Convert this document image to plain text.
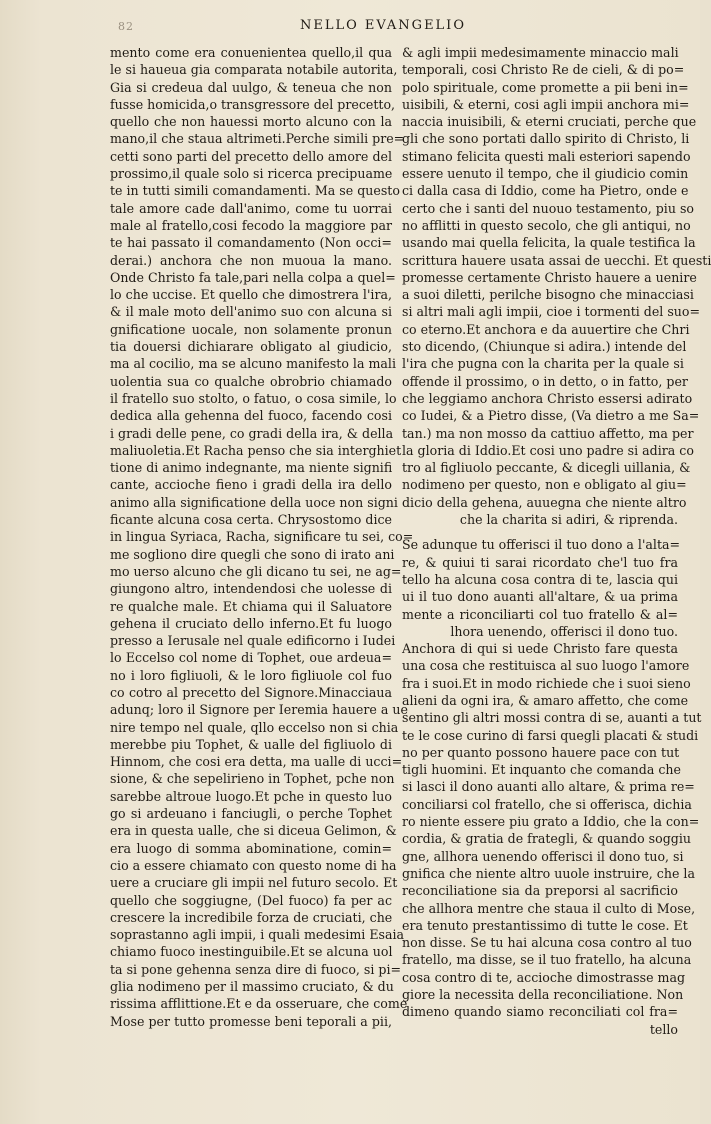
82	NELLO EVANGELIO
mento come era conuenientea quello,il qua
le si haueua gia comparata notabile autorita,
Gia si credeua dal uulgo, & teneua che non
fusse homicida,o transgressore del precetto,
quello che non hauessi morto alcuno con la
mano,il che staua altrimeti.Perche simili pre=
cetti sono parti del precetto dello amore del
prossimo,il quale solo si ricerca precipuame
te in tutti simili comandamenti. Ma se questo
tale amore cade dall'animo, come tu uorrai
male al fratello,cosi fecodo la maggiore par
te hai passato il comandamento (Non occi=
derai.) anchora che non muoua la mano.
Onde Christo fa tale,pari nella colpa a quel=
lo che uccise. Et quello che dimostrera l'ira,
& il male moto dell'animo suo con alcuna si
gnificatione uocale, non solamente pronun
tia douersi dichiarare obligato al giudicio,
ma al cocilio, ma se alcuno manifesto la mali
uolentia sua co qualche obrobrio chiamado
il fratello suo stolto, o fatuo, o cosa simile, lo
dedica alla gehenna del fuoco, facendo cosi
i gradi delle pene, co gradi della ira, & della
maliuoletia.Et Racha penso che sia interghiet
tione di animo indegnante, ma niente signifi
cante, accioche fieno i gradi della ira dello
animo alla significatione della uoce non signi
ficante alcuna cosa certa. Chrysostomo dice
in lingua Syriaca, Racha, significare tu sei, co=
me sogliono dire quegli che sono di irato ani
mo uerso alcuno che gli dicano tu sei, ne ag=
giungono altro, intendendosi che uolesse di
re qualche male. Et chiama qui il Saluatore
gehena il cruciato dello inferno.Et fu luogo
presso a Ierusale nel quale edificorno i Iudei
lo Eccelso col nome di Tophet, oue ardeua=
no i loro figliuoli, & le loro figliuole col fuo
co cotro al precetto del Signore.Minacciaua
adunq; loro il Signore per Ieremia hauere a ue
nire tempo nel quale, qllo eccelso non si chia
merebbe piu Tophet, & ualle del figliuolo di
Hinnom, che cosi era detta, ma ualle di ucci=
sione, & che sepelirieno in Tophet, pche non
sarebbe altroue luogo.Et pche in questo luo
go si ardeuano i fanciugli, o perche Tophet
era in questa ualle, che si diceua Gelimon, &
era luogo di somma abominatione, comin=
cio a essere chiamato con questo nome di ha
uere a cruciare gli impii nel futuro secolo. Et
quello che soggiugne, (Del fuoco) fa per ac
crescere la incredibile forza de cruciati, che
soprastanno agli impii, i quali medesimi Esaia
chiamo fuoco inestinguibile.Et se alcuna uol
ta si pone gehenna senza dire di fuoco, si pi=
glia nodimeno per il massimo cruciato, & du
rissima afflittione.Et e da osseruare, che come
Mose per tutto promesse beni teporali a pii,
& agli impii medesimamente minaccio mali
temporali, cosi Christo Re de cieli, & di po=
polo spirituale, come promette a pii beni in=
uisibili, & eterni, cosi agli impii anchora mi=
naccia inuisibili, & eterni cruciati, perche que
gli che sono portati dallo spirito di Christo, li
stimano felicita questi mali esteriori sapendo
essere uenuto il tempo, che il giudicio comin
ci dalla casa di Iddio, come ha Pietro, onde e
certo che i santi del nuouo testamento, piu so
no afflitti in questo secolo, che gli antiqui, no
usando mai quella felicita, la quale testifica la
scrittura hauere usata assai de uecchi. Et questi
promesse certamente Christo hauere a uenire
a suoi diletti, perilche bisogno che minacciasi
si altri mali agli impii, cioe i tormenti del suo=
co eterno.Et anchora e da auuertire che Chri
sto dicendo, (Chiunque si adira.) intende del
l'ira che pugna con la charita per la quale si
offende il prossimo, o in detto, o in fatto, per
che leggiamo anchora Christo essersi adirato
co Iudei, & a Pietro disse, (Va dietro a me Sa=
tan.) ma non mosso da cattiuo affetto, ma per
la gloria di Iddio.Et cosi uno padre si adira co
tro al figliuolo peccante, & dicegli uillania, &
nodimeno per questo, non e obligato al giu=
dicio della gehena, auuegna che niente altro
che la charita si adiri, & riprenda.
Se adunque tu offerisci il tuo dono a l'alta=
re, & quiui ti sarai ricordato che'l tuo fra
tello ha alcuna cosa contra di te, lascia qui
ui il tuo dono auanti all'altare, & ua prima
mente a riconciliarti col tuo fratello & al=
lhora uenendo, offerisci il dono tuo.
Anchora di qui si uede Christo fare questa
una cosa che restituisca al suo luogo l'amore
fra i suoi.Et in modo richiede che i suoi sieno
alieni da ogni ira, & amaro affetto, che come
sentino gli altri mossi contra di se, auanti a tut
te le cose curino di farsi quegli placati & studi
no per quanto possono hauere pace con tut
tigli huomini. Et inquanto che comanda che
si lasci il dono auanti allo altare, & prima re=
conciliarsi col fratello, che si offerisca, dichia
ro niente essere piu grato a Iddio, che la con=
cordia, & gratia de frategli, & quando soggiu
gne, allhora uenendo offerisci il dono tuo, si
gnifica che niente altro uuole instruire, che la
reconciliatione sia da preporsi al sacrificio
che allhora mentre che staua il culto di Mose,
era tenuto prestantissimo di tutte le cose. Et
non disse. Se tu hai alcuna cosa contro al tuo
fratello, ma disse, se il tuo fratello, ha alcuna
cosa contro di te, accioche dimostrasse mag
giore la necessita della reconciliatione. Non
dimeno quando siamo reconciliati col fra=
tello
